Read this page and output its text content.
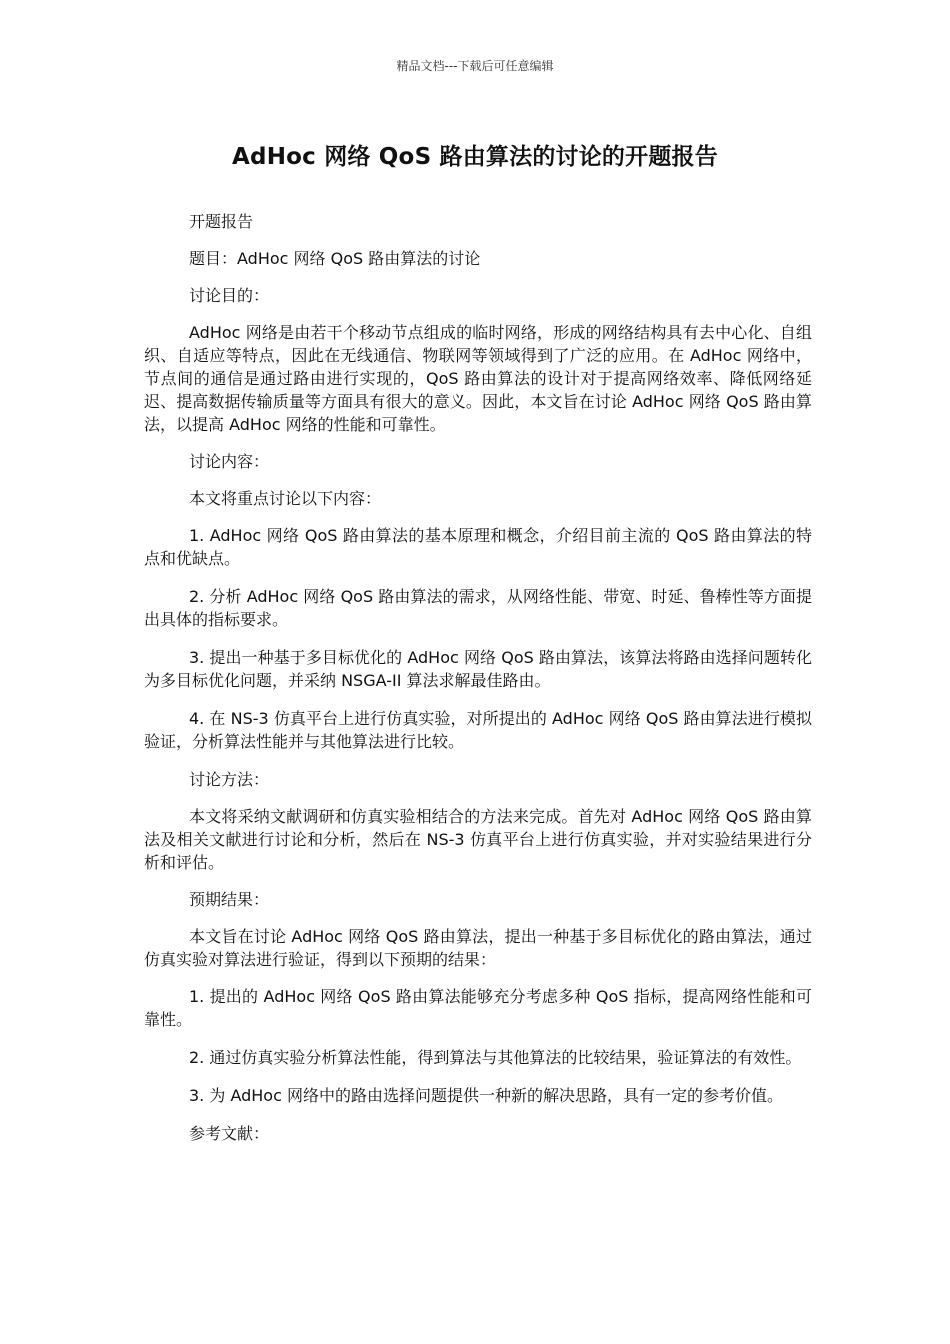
精品文档---下载后可任意编辑
AdHoc 网络 QoS 路由算法的讨论的开题报告

开题报告

题目：AdHoc 网络 QoS 路由算法的讨论

讨论目的：

AdHoc 网络是由若干个移动节点组成的临时网络，形成的网络结构具有去中心化、自组织、自适应等特点，因此在无线通信、物联网等领域得到了广泛的应用。在 AdHoc 网络中，节点间的通信是通过路由进行实现的，QoS 路由算法的设计对于提高网络效率、降低网络延迟、提高数据传输质量等方面具有很大的意义。因此，本文旨在讨论 AdHoc 网络 QoS 路由算法，以提高 AdHoc 网络的性能和可靠性。

讨论内容：

本文将重点讨论以下内容：

1. AdHoc 网络 QoS 路由算法的基本原理和概念，介绍目前主流的 QoS 路由算法的特点和优缺点。

2. 分析 AdHoc 网络 QoS 路由算法的需求，从网络性能、带宽、时延、鲁棒性等方面提出具体的指标要求。

3. 提出一种基于多目标优化的 AdHoc 网络 QoS 路由算法，该算法将路由选择问题转化为多目标优化问题，并采纳 NSGA-II 算法求解最佳路由。

4. 在 NS-3 仿真平台上进行仿真实验，对所提出的 AdHoc 网络 QoS 路由算法进行模拟验证，分析算法性能并与其他算法进行比较。

讨论方法：

本文将采纳文献调研和仿真实验相结合的方法来完成。首先对 AdHoc 网络 QoS 路由算法及相关文献进行讨论和分析，然后在 NS-3 仿真平台上进行仿真实验，并对实验结果进行分析和评估。

预期结果：

本文旨在讨论 AdHoc 网络 QoS 路由算法，提出一种基于多目标优化的路由算法，通过仿真实验对算法进行验证，得到以下预期的结果：

1. 提出的 AdHoc 网络 QoS 路由算法能够充分考虑多种 QoS 指标，提高网络性能和可靠性。

2. 通过仿真实验分析算法性能，得到算法与其他算法的比较结果，验证算法的有效性。

3. 为 AdHoc 网络中的路由选择问题提供一种新的解决思路，具有一定的参考价值。

参考文献：
